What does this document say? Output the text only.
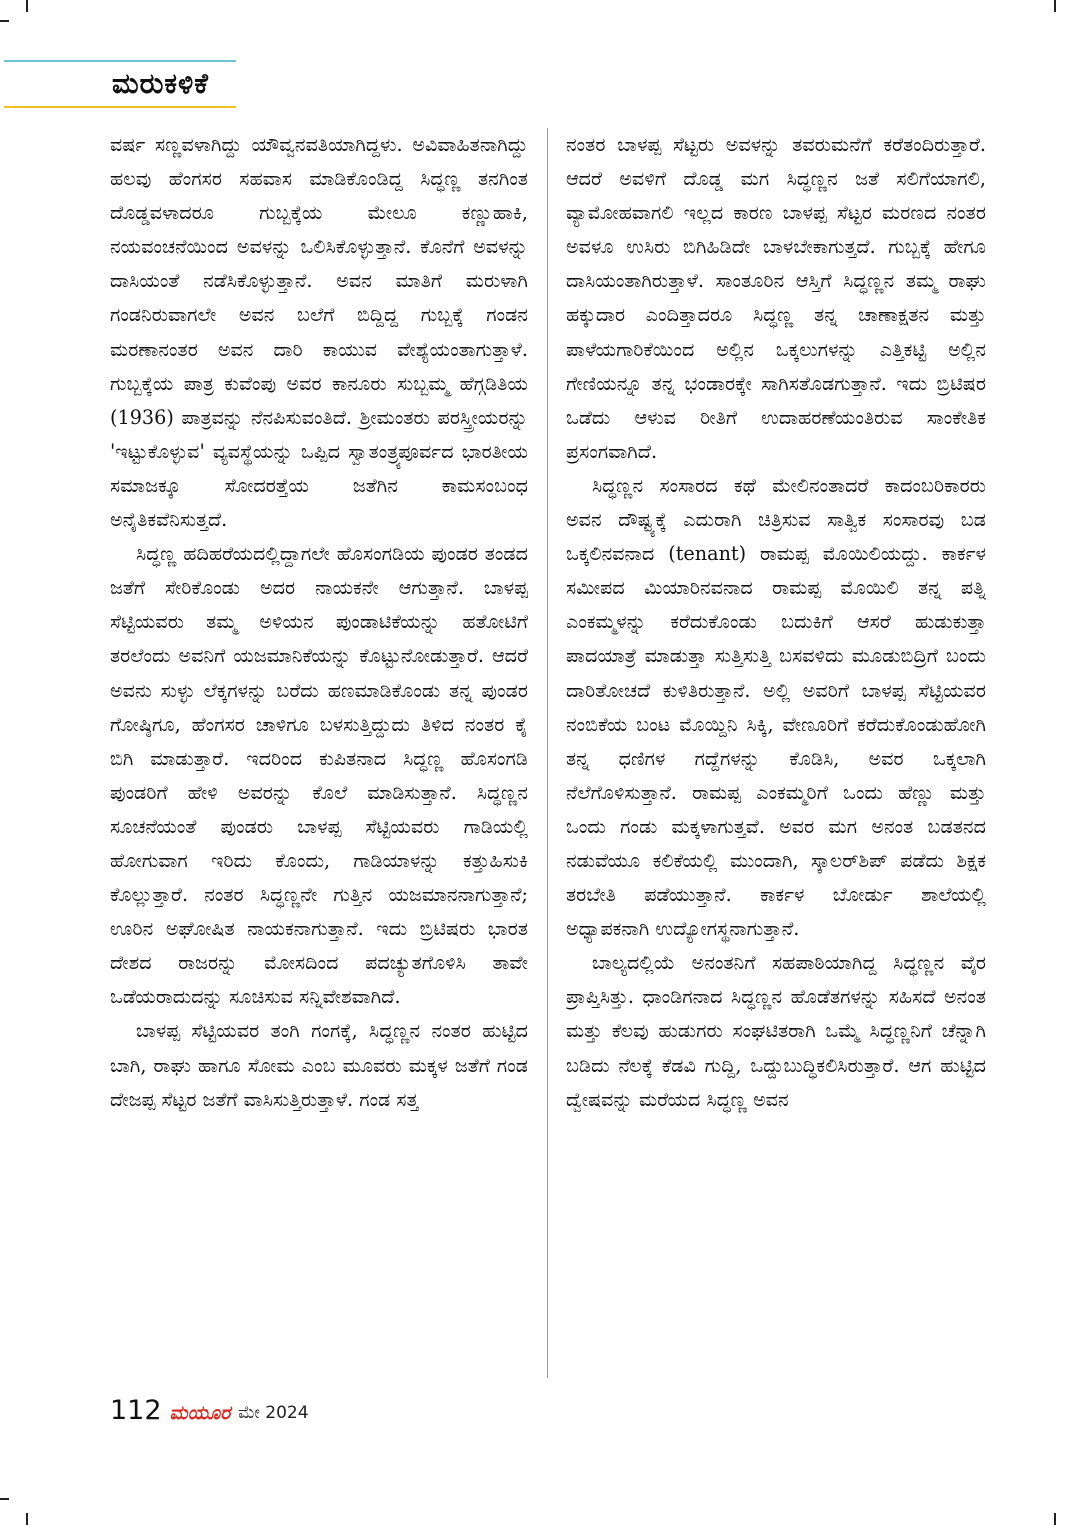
ಮರುಕಳಿಕೆ

ವರ್ಷ ಸಣ್ಣವಳಾಗಿದ್ದು ಯೌವ್ವನವತಿಯಾಗಿದ್ದಳು. ಅವಿವಾಹಿತನಾಗಿದ್ದು ಹಲವು ಹೆಂಗಸರ ಸಹವಾಸ ಮಾಡಿಕೊಂಡಿದ್ದ ಸಿದ್ಧಣ್ಣ ತನಗಿಂತ ದೊಡ್ಡವಳಾದರೂ ಗುಬ್ಬಕ್ಕೆಯ ಮೇಲೂ ಕಣ್ಣುಹಾಕಿ, ನಯವಂಚನೆಯಿಂದ ಅವಳನ್ನು ಒಲಿಸಿಕೊಳ್ಳುತ್ತಾನೆ. ಕೊನೆಗೆ ಅವಳನ್ನು ದಾಸಿಯಂತೆ ನಡೆಸಿಕೊಳ್ಳುತ್ತಾನೆ. ಅವನ ಮಾತಿಗೆ ಮರುಳಾಗಿ ಗಂಡನಿರುವಾಗಲೇ ಅವನ ಬಲೆಗೆ ಬಿದ್ದಿದ್ದ ಗುಬ್ಬಕ್ಕೆ ಗಂಡನ ಮರಣಾನಂತರ ಅವನ ದಾರಿ ಕಾಯುವ ವೇಶ್ಯೆಯಂತಾಗುತ್ತಾಳೆ. ಗುಬ್ಬಕ್ಕೆಯ ಪಾತ್ರ ಕುವೆಂಪು ಅವರ ಕಾನೂರು ಸುಬ್ಬಮ್ಮ ಹೆಗ್ಗಡಿತಿಯ (1936) ಪಾತ್ರವನ್ನು ನೆನಪಿಸುವಂತಿದೆ. ಶ್ರೀಮಂತರು ಪರಸ್ತ್ರೀಯರನ್ನು 'ಇಟ್ಟುಕೊಳ್ಳುವ' ವ್ಯವಸ್ಥೆಯನ್ನು ಒಪ್ಪಿದ ಸ್ವಾತಂತ್ರ್ಯಪೂರ್ವದ ಭಾರತೀಯ ಸಮಾಜಕ್ಕೂ ಸೋದರತ್ತೆಯ ಜತೆಗಿನ ಕಾಮಸಂಬಂಧ ಅನೈತಿಕವೆನಿಸುತ್ತದೆ.

ಸಿದ್ಧಣ್ಣ ಹದಿಹರೆಯದಲ್ಲಿದ್ದಾಗಲೇ ಹೊಸಂಗಡಿಯ ಪುಂಡರ ತಂಡದ ಜತೆಗೆ ಸೇರಿಕೊಂಡು ಅದರ ನಾಯಕನೇ ಆಗುತ್ತಾನೆ. ಬಾಳಪ್ಪ ಸೆಟ್ಟಿಯವರು ತಮ್ಮ ಅಳಿಯನ ಪುಂಡಾಟಿಕೆಯನ್ನು ಹತೋಟಿಗೆ ತರಲೆಂದು ಅವನಿಗೆ ಯಜಮಾನಿಕೆಯನ್ನು ಕೊಟ್ಟುನೋಡುತ್ತಾರೆ. ಆದರೆ ಅವನು ಸುಳ್ಳು ಲೆಕ್ಕಗಳನ್ನು ಬರೆದು ಹಣಮಾಡಿಕೊಂಡು ತನ್ನ ಪುಂಡರ ಗೋಷ್ಠಿಗೂ, ಹೆಂಗಸರ ಚಾಳಿಗೂ ಬಳಸುತ್ತಿದ್ದುದು ತಿಳಿದ ನಂತರ ಕೈ ಬಿಗಿ ಮಾಡುತ್ತಾರೆ. ಇದರಿಂದ ಕುಪಿತನಾದ ಸಿದ್ಧಣ್ಣ ಹೊಸಂಗಡಿ ಪುಂಡರಿಗೆ ಹೇಳಿ ಅವರನ್ನು ಕೊಲೆ ಮಾಡಿಸುತ್ತಾನೆ. ಸಿದ್ಧಣ್ಣನ ಸೂಚನೆಯಂತೆ ಪುಂಡರು ಬಾಳಪ್ಪ ಸೆಟ್ಟಿಯವರು ಗಾಡಿಯಲ್ಲಿ ಹೋಗುವಾಗ ಇರಿದು ಕೊಂದು, ಗಾಡಿಯಾಳನ್ನು ಕತ್ತುಹಿಸುಕಿ ಕೊಲ್ಲುತ್ತಾರೆ. ನಂತರ ಸಿದ್ಧಣ್ಣನೇ ಗುತ್ತಿನ ಯಜಮಾನನಾಗುತ್ತಾನೆ; ಊರಿನ ಅಘೋಷಿತ ನಾಯಕನಾಗುತ್ತಾನೆ. ಇದು ಬ್ರಿಟಿಷರು ಭಾರತ ದೇಶದ ರಾಜರನ್ನು ಮೋಸದಿಂದ ಪದಚ್ಯುತಗೊಳಿಸಿ ತಾವೇ ಒಡೆಯರಾದುದನ್ನು ಸೂಚಿಸುವ ಸನ್ನಿವೇಶವಾಗಿದೆ.

ಬಾಳಪ್ಪ ಸೆಟ್ಟಿಯವರ ತಂಗಿ ಗಂಗಕ್ಕೆ, ಸಿದ್ಧಣ್ಣನ ನಂತರ ಹುಟ್ಟಿದ ಬಾಗಿ, ರಾಘು ಹಾಗೂ ಸೋಮ ಎಂಬ ಮೂವರು ಮಕ್ಕಳ ಜತೆಗೆ ಗಂಡ ದೇಜಪ್ಪ ಸೆಟ್ಟರ ಜತೆಗೆ ವಾಸಿಸುತ್ತಿರುತ್ತಾಳೆ. ಗಂಡ ಸತ್ತ

ನಂತರ ಬಾಳಪ್ಪ ಸೆಟ್ಟರು ಅವಳನ್ನು ತವರುಮನೆಗೆ ಕರೆತಂದಿರುತ್ತಾರೆ. ಆದರೆ ಅವಳಿಗೆ ದೊಡ್ಡ ಮಗ ಸಿದ್ಧಣ್ಣನ ಜತೆ ಸಲಿಗೆಯಾಗಲಿ, ವ್ಯಾಮೋಹವಾಗಲಿ ಇಲ್ಲದ ಕಾರಣ ಬಾಳಪ್ಪ ಸೆಟ್ಟರ ಮರಣದ ನಂತರ ಅವಳೂ ಉಸಿರು ಬಿಗಿಹಿಡಿದೇ ಬಾಳಬೇಕಾಗುತ್ತದೆ. ಗುಬ್ಬಕ್ಕೆ ಹೇಗೂ ದಾಸಿಯಂತಾಗಿರುತ್ತಾಳೆ. ಸಾಂತೂರಿನ ಆಸ್ತಿಗೆ ಸಿದ್ಧಣ್ಣನ ತಮ್ಮ ರಾಘು ಹಕ್ಕುದಾರ ಎಂದಿತ್ತಾದರೂ ಸಿದ್ಧಣ್ಣ ತನ್ನ ಚಾಣಾಕ್ಷತನ ಮತ್ತು ಪಾಳೆಯಗಾರಿಕೆಯಿಂದ ಅಲ್ಲಿನ ಒಕ್ಕಲುಗಳನ್ನು ಎತ್ತಿಕಟ್ಟಿ ಅಲ್ಲಿನ ಗೇಣಿಯನ್ನೂ ತನ್ನ ಭಂಡಾರಕ್ಕೇ ಸಾಗಿಸತೊಡಗುತ್ತಾನೆ. ಇದು ಬ್ರಿಟಿಷರ ಒಡೆದು ಆಳುವ ರೀತಿಗೆ ಉದಾಹರಣೆಯಂತಿರುವ ಸಾಂಕೇತಿಕ ಪ್ರಸಂಗವಾಗಿದೆ.

ಸಿದ್ಧಣ್ಣನ ಸಂಸಾರದ ಕಥೆ ಮೇಲಿನಂತಾದರೆ ಕಾದಂಬರಿಕಾರರು ಅವನ ದೌಷ್ಟ್ಯಕ್ಕೆ ಎದುರಾಗಿ ಚಿತ್ರಿಸುವ ಸಾತ್ವಿಕ ಸಂಸಾರವು ಬಡ ಒಕ್ಕಲಿನವನಾದ (tenant) ರಾಮಪ್ಪ ಮೊಯಿಲಿಯದ್ದು. ಕಾರ್ಕಳ ಸಮೀಪದ ಮಿಯಾರಿನವನಾದ ರಾಮಪ್ಪ ಮೊಯಿಲಿ ತನ್ನ ಪತ್ನಿ ಎಂಕಮ್ಮಳನ್ನು ಕರೆದುಕೊಂಡು ಬದುಕಿಗೆ ಆಸರೆ ಹುಡುಕುತ್ತಾ ಪಾದಯಾತ್ರೆ ಮಾಡುತ್ತಾ ಸುತ್ತಿಸುತ್ತಿ ಬಸವಳಿದು ಮೂಡುಬಿದ್ರಿಗೆ ಬಂದು ದಾರಿತೋಚದೆ ಕುಳಿತಿರುತ್ತಾನೆ. ಅಲ್ಲಿ ಅವರಿಗೆ ಬಾಳಪ್ಪ ಸೆಟ್ಟಿಯವರ ನಂಬಿಕೆಯ ಬಂಟ ಮೊಯ್ದಿನಿ ಸಿಕ್ಕಿ, ವೇಣೂರಿಗೆ ಕರೆದುಕೊಂಡುಹೋಗಿ ತನ್ನ ಧಣಿಗಳ ಗದ್ದೆಗಳನ್ನು ಕೊಡಿಸಿ, ಅವರ ಒಕ್ಕಲಾಗಿ ನೆಲೆಗೊಳಿಸುತ್ತಾನೆ. ರಾಮಪ್ಪ ಎಂಕಮ್ಮರಿಗೆ ಒಂದು ಹೆಣ್ಣು ಮತ್ತು ಒಂದು ಗಂಡು ಮಕ್ಕಳಾಗುತ್ತವೆ. ಅವರ ಮಗ ಅನಂತ ಬಡತನದ ನಡುವೆಯೂ ಕಲಿಕೆಯಲ್ಲಿ ಮುಂದಾಗಿ, ಸ್ಕಾಲರ್‌ಶಿಪ್ ಪಡೆದು ಶಿಕ್ಷಕ ತರಬೇತಿ ಪಡೆಯುತ್ತಾನೆ. ಕಾರ್ಕಳ ಬೋರ್ಡು ಶಾಲೆಯಲ್ಲಿ ಅಧ್ಯಾಪಕನಾಗಿ ಉದ್ಯೋಗಸ್ಥನಾಗುತ್ತಾನೆ.

ಬಾಲ್ಯದಲ್ಲಿಯೆ ಅನಂತನಿಗೆ ಸಹಪಾಠಿಯಾಗಿದ್ದ ಸಿದ್ಧಣ್ಣನ ವೈರ ಪ್ರಾಪ್ತಿಸಿತ್ತು. ಧಾಂಡಿಗನಾದ ಸಿದ್ಧಣ್ಣನ ಹೊಡೆತಗಳನ್ನು ಸಹಿಸದೆ ಅನಂತ ಮತ್ತು ಕೆಲವು ಹುಡುಗರು ಸಂಘಟಿತರಾಗಿ ಒಮ್ಮೆ ಸಿದ್ಧಣ್ಣನಿಗೆ ಚೆನ್ನಾಗಿ ಬಡಿದು ನೆಲಕ್ಕೆ ಕೆಡವಿ ಗುದ್ದಿ, ಒದ್ದುಬುದ್ಧಿಕಲಿಸಿರುತ್ತಾರೆ. ಆಗ ಹುಟ್ಟಿದ ದ್ವೇಷವನ್ನು ಮರೆಯದ ಸಿದ್ಧಣ್ಣ ಅವನ

112 ಮಯೂರ ಮೇ 2024
